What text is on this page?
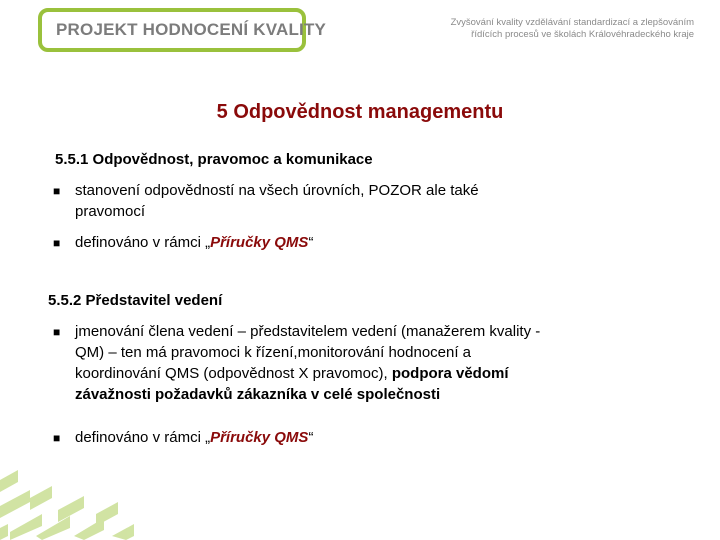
PROJEKT HODNOCENÍ KVALITY	Zvyšování kvality vzdělávání standardizací a zlepšováním
řídících procesů ve školách Královéhradeckého kraje
5 Odpovědnost managementu
5.5.1 Odpovědnost, pravomoc a komunikace
■ stanovení odpovědností na všech úrovních, POZOR ale také
pravomocí
■ definováno v rámci „Příručky QMS“
5.5.2 Představitel vedení
■ jmenování člena vedení – představitelem vedení (manažerem kvality -
QM) – ten má pravomoci k řízení,monitorování hodnocení a
koordinování QMS (odpovědnost X pravomoc), podpora vědomí
závažnosti požadavků zákazníka v celé společnosti
■ definováno v rámci „Příručky QMS“
